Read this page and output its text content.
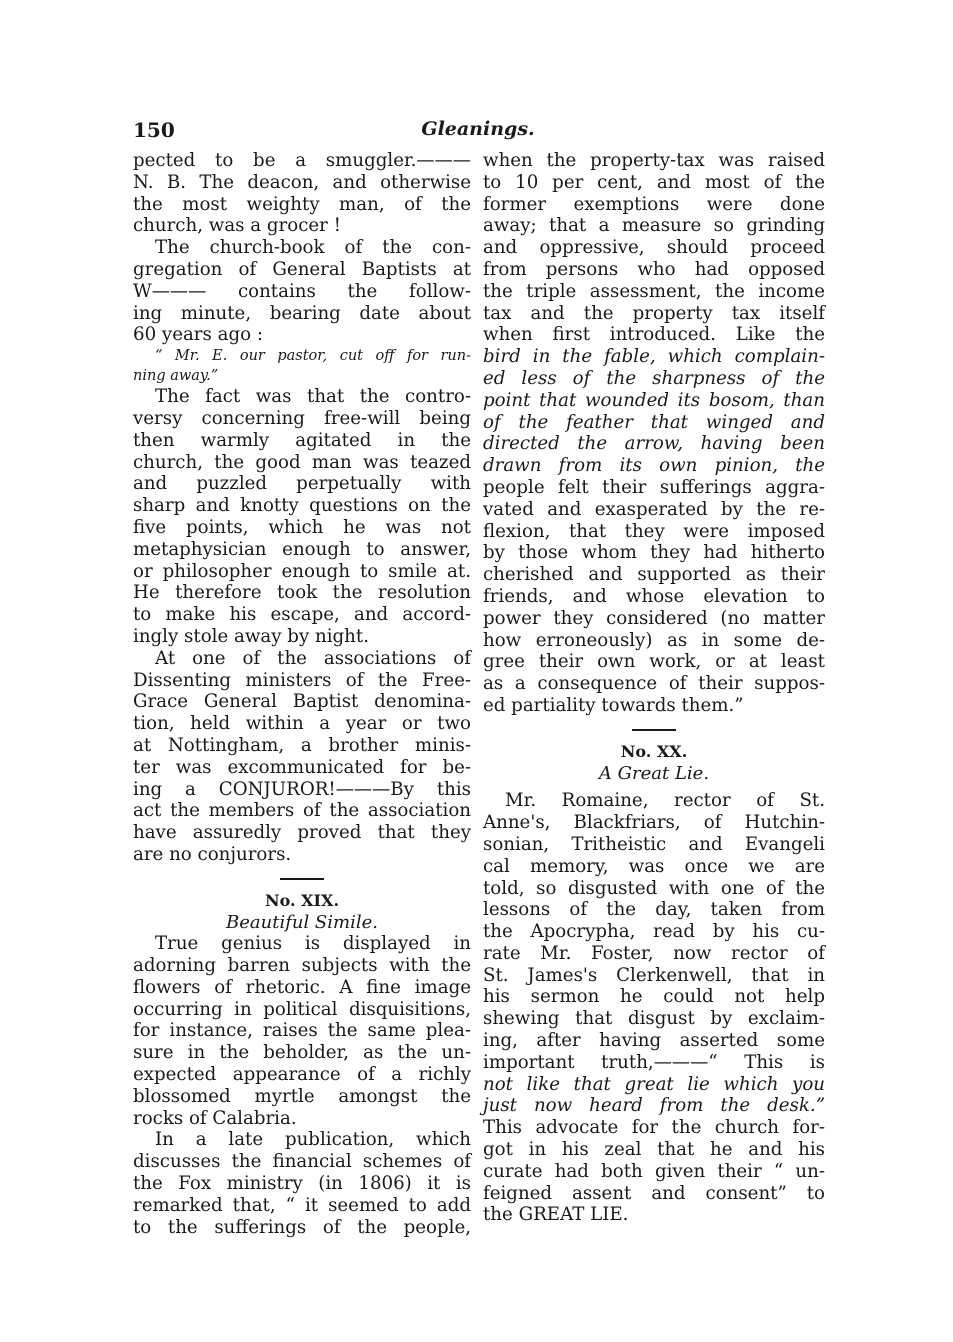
150	Gleanings.
pected to be a smuggler.———
N. B. The deacon, and otherwise
the most weighty man, of the
church, was a grocer !
The church-book of the con-
gregation of General Baptists at
W——— contains the follow-
ing minute, bearing date about
60 years ago :
“ Mr. E. our pastor, cut off for run-
ning away.”
The fact was that the contro-
versy concerning free-will being
then warmly agitated in the
church, the good man was teazed
and puzzled perpetually with
sharp and knotty questions on the
five points, which he was not
metaphysician enough to answer,
or philosopher enough to smile at.
He therefore took the resolution
to make his escape, and accord-
ingly stole away by night.
At one of the associations of
Dissenting ministers of the Free-
Grace General Baptist denomina-
tion, held within a year or two
at Nottingham, a brother minis-
ter was excommunicated for be-
ing a CONJUROR!———By this
act the members of the association
have assuredly proved that they
are no conjurors.
No. XIX.
Beautiful Simile.
True genius is displayed in
adorning barren subjects with the
flowers of rhetoric. A fine image
occurring in political disquisitions,
for instance, raises the same plea-
sure in the beholder, as the un-
expected appearance of a richly
blossomed myrtle amongst the
rocks of Calabria.
In a late publication, which
discusses the financial schemes of
the Fox ministry (in 1806) it is
remarked that, “ it seemed to add
to the sufferings of the people,
when the property-tax was raised
to 10 per cent, and most of the
former exemptions were done
away; that a measure so grinding
and oppressive, should proceed
from persons who had opposed
the triple assessment, the income
tax and the property tax itself
when first introduced. Like the
bird in the fable, which complain-
ed less of the sharpness of the
point that wounded its bosom, than
of the feather that winged and
directed the arrow, having been
drawn from its own pinion, the
people felt their sufferings aggra-
vated and exasperated by the re-
flexion, that they were imposed
by those whom they had hitherto
cherished and supported as their
friends, and whose elevation to
power they considered (no matter
how erroneously) as in some de-
gree their own work, or at least
as a consequence of their suppos-
ed partiality towards them.”
No. XX.
A Great Lie.
Mr. Romaine, rector of St.
Anne's, Blackfriars, of Hutchin-
sonian, Tritheistic and Evangeli
cal memory, was once we are
told, so disgusted with one of the
lessons of the day, taken from
the Apocrypha, read by his cu-
rate Mr. Foster, now rector of
St. James's Clerkenwell, that in
his sermon he could not help
shewing that disgust by exclaim-
ing, after having asserted some
important truth,———“ This is
not like that great lie which you
just now heard from the desk.”
This advocate for the church for-
got in his zeal that he and his
curate had both given their “ un-
feigned assent and consent” to
the GREAT LIE.
